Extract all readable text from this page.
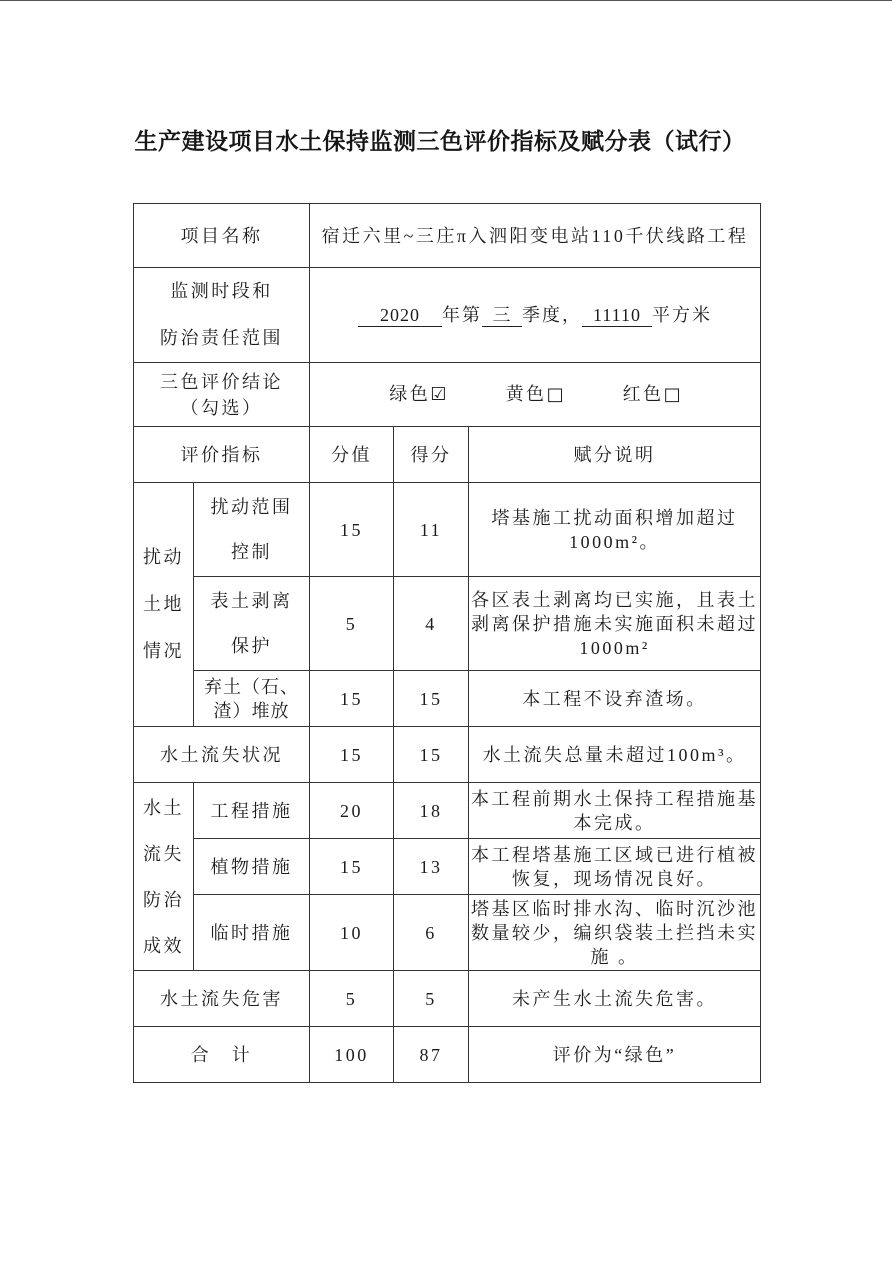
生产建设项目水土保持监测三色评价指标及赋分表（试行）
项目名称		宿迁六里~三庄π入泗阳变电站110千伏线路工程		

监测时段和
防治责任范围		2020 年第 三 季度， 11110 平方米		

三色评价结论
（勾选）		绿色☑ 黄色□ 红色□		

评价指标		分值	得分	赋分说明

扰动土地情况	扰动范围控制	15	11	塔基施工扰动面积增加超过1000m²。

	表土剥离保护	5	4	各区表土剥离均已实施，且表土剥离保护措施未实施面积未超过1000m²

	弃土（石、渣）堆放	15	15	本工程不设弃渣场。
水土流失状况		15	15	水土流失总量未超过100m³。

水土流失防治成效	工程措施	20	18	本工程前期水土保持工程措施基本完成。
	植物措施	15	13	本工程塔基施工区域已进行植被恢复，现场情况良好。
	临时措施	10	6	塔基区临时排水沟、临时沉沙池数量较少，编织袋装土拦挡未实施 。
水土流失危害		5	5	未产生水土流失危害。
合　计		100	87	评价为“绿色”
